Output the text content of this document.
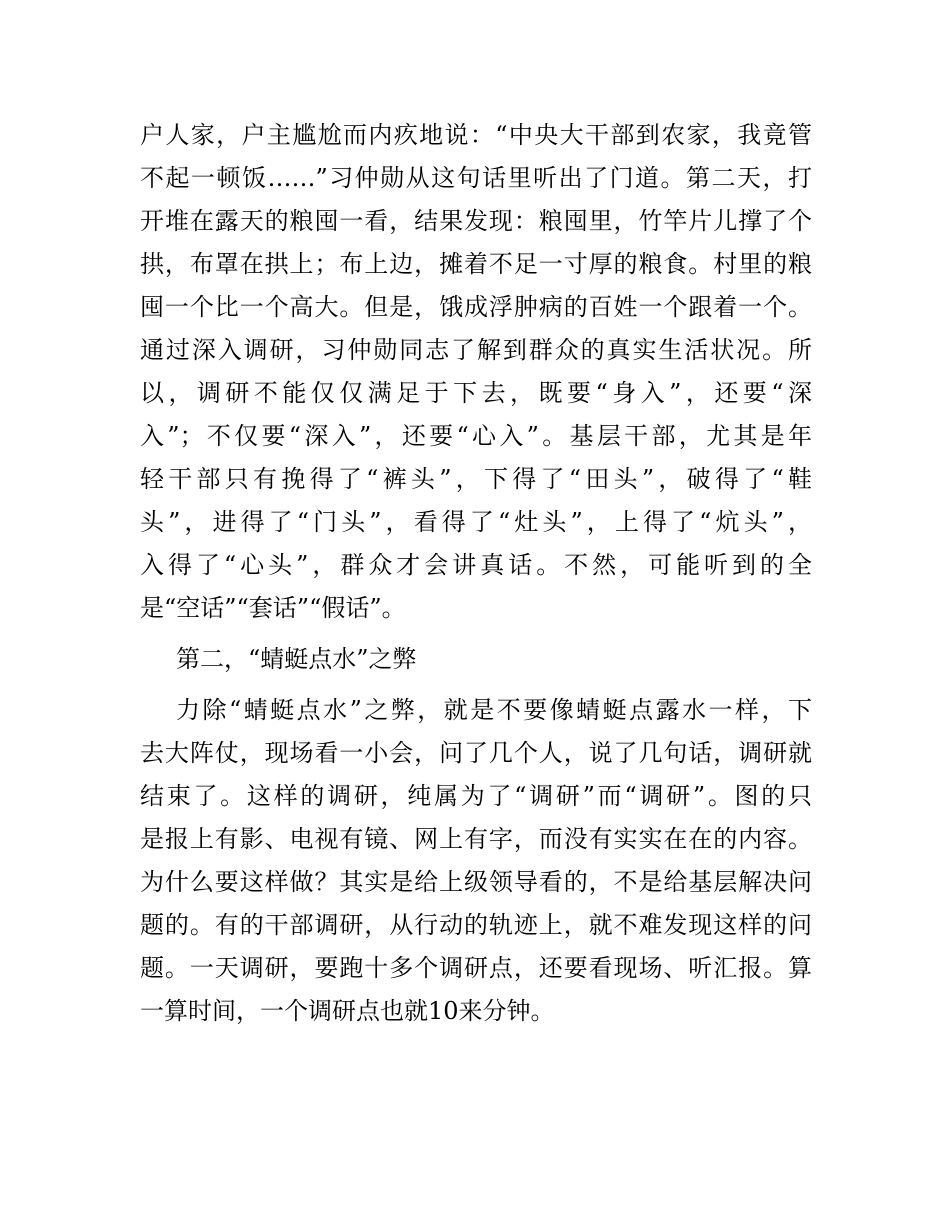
户人家，户主尴尬而内疚地说：“中央大干部到农家，我竟管
不起一顿饭……”习仲勋从这句话里听出了门道。第二天，打
开堆在露天的粮囤一看，结果发现：粮囤里，竹竿片儿撑了个
拱，布罩在拱上；布上边，摊着不足一寸厚的粮食。村里的粮
囤一个比一个高大。但是，饿成浮肿病的百姓一个跟着一个。
通过深入调研，习仲勋同志了解到群众的真实生活状况。所
以，调研不能仅仅满足于下去，既要“身入”，还要“深
入”；不仅要“深入”，还要“心入”。基层干部，尤其是年
轻干部只有挽得了“裤头”，下得了“田头”，破得了“鞋
头”，进得了“门头”，看得了“灶头”，上得了“炕头”，
入得了“心头”，群众才会讲真话。不然，可能听到的全
是“空话”“套话”“假话”。
第二，“蜻蜓点水”之弊
力除“蜻蜓点水”之弊，就是不要像蜻蜓点露水一样，下
去大阵仗，现场看一小会，问了几个人，说了几句话，调研就
结束了。这样的调研，纯属为了“调研”而“调研”。图的只
是报上有影、电视有镜、网上有字，而没有实实在在的内容。
为什么要这样做？其实是给上级领导看的，不是给基层解决问
题的。有的干部调研，从行动的轨迹上，就不难发现这样的问
题。一天调研，要跑十多个调研点，还要看现场、听汇报。算
一算时间，一个调研点也就10来分钟。
